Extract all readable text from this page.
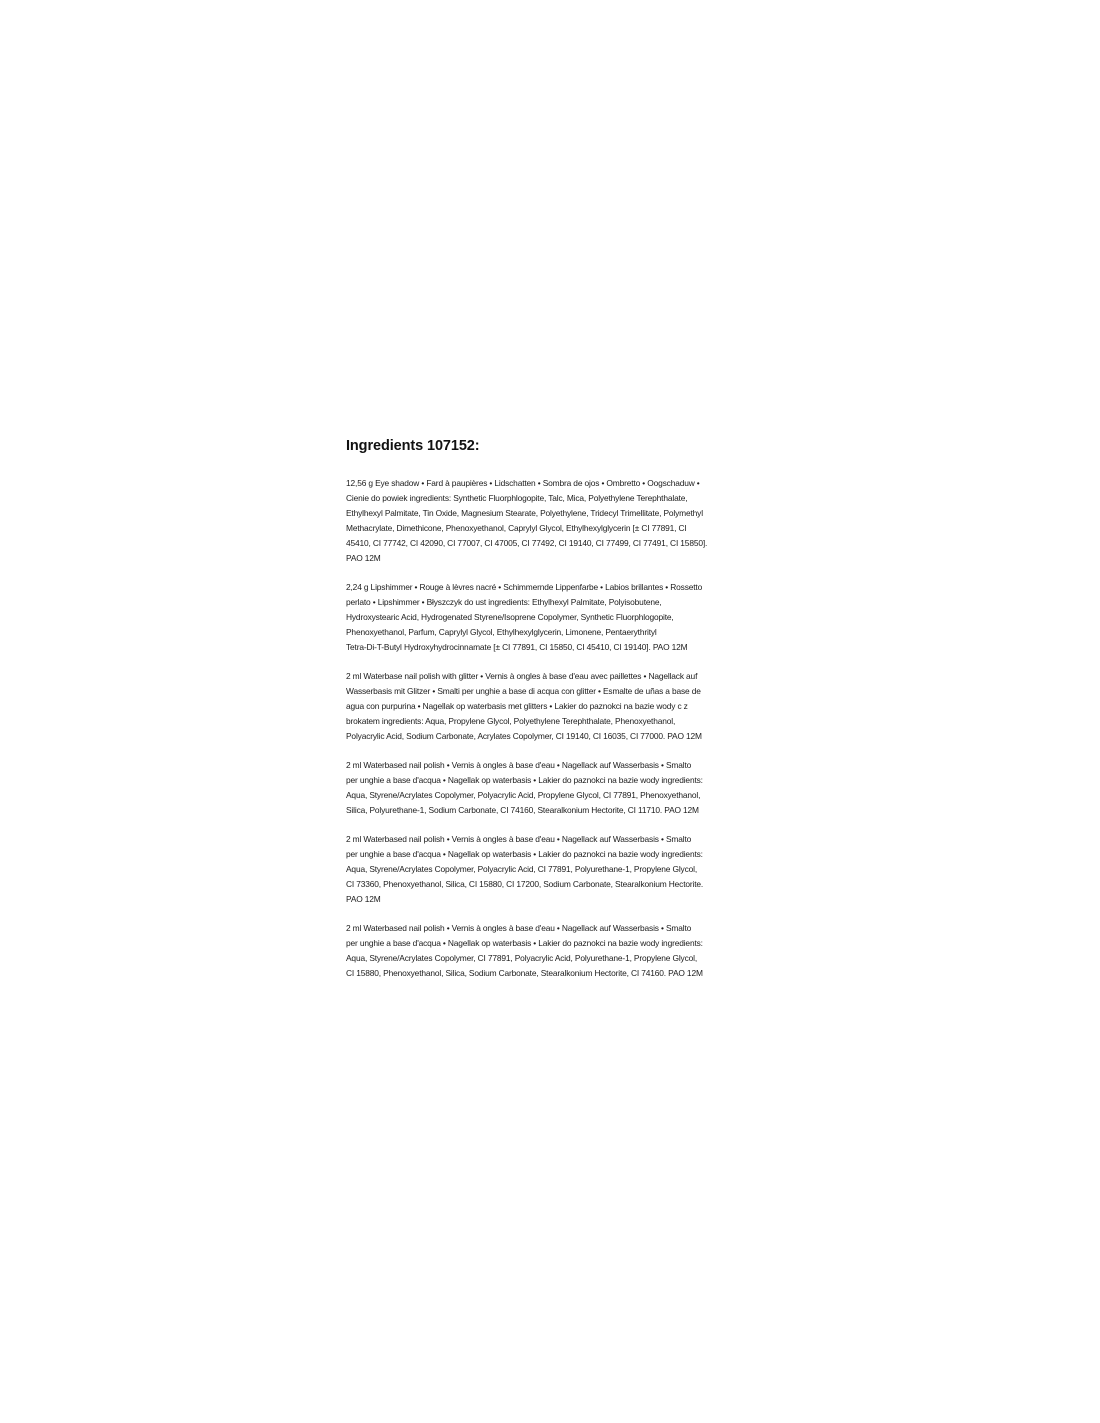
Ingredients 107152:
12,56 g Eye shadow • Fard à paupières • Lidschatten • Sombra de ojos • Ombretto • Oogschaduw •
Cienie do powiek ingredients: Synthetic Fluorphlogopite, Talc, Mica, Polyethylene Terephthalate,
Ethylhexyl Palmitate, Tin Oxide, Magnesium Stearate, Polyethylene, Tridecyl Trimellitate, Polymethyl
Methacrylate, Dimethicone, Phenoxyethanol, Caprylyl Glycol, Ethylhexylglycerin [± CI 77891, CI
45410, CI 77742, CI 42090, CI 77007, CI 47005, CI 77492, CI 19140, CI 77499, CI 77491, CI 15850].
PAO 12M
2,24 g Lipshimmer • Rouge à lèvres nacré • Schimmernde Lippenfarbe • Labios brillantes • Rossetto
perlato • Lipshimmer • Błyszczyk do ust ingredients: Ethylhexyl Palmitate, Polyisobutene,
Hydroxystearic Acid, Hydrogenated Styrene/Isoprene Copolymer, Synthetic Fluorphlogopite,
Phenoxyethanol, Parfum, Caprylyl Glycol, Ethylhexylglycerin, Limonene, Pentaerythrityl
Tetra-Di-T-Butyl Hydroxyhydrocinnamate [± CI 77891, CI 15850, CI 45410, CI 19140]. PAO 12M
2 ml Waterbase nail polish with glitter • Vernis à ongles à base d'eau avec paillettes • Nagellack auf
Wasserbasis mit Glitzer • Smalti per unghie a base di acqua con glitter • Esmalte de uñas a base de
agua con purpurina • Nagellak op waterbasis met glitters • Lakier do paznokci na bazie wody c z
brokatem ingredients: Aqua, Propylene Glycol, Polyethylene Terephthalate, Phenoxyethanol,
Polyacrylic Acid, Sodium Carbonate, Acrylates Copolymer, CI 19140, CI 16035, CI 77000. PAO 12M
2 ml Waterbased nail polish • Vernis à ongles à base d'eau • Nagellack auf Wasserbasis • Smalto
per unghie a base d'acqua • Nagellak op waterbasis • Lakier do paznokci na bazie wody ingredients:
Aqua, Styrene/Acrylates Copolymer, Polyacrylic Acid, Propylene Glycol, CI 77891, Phenoxyethanol,
Silica, Polyurethane-1, Sodium Carbonate, CI 74160, Stearalkonium Hectorite, CI 11710. PAO 12M
2 ml Waterbased nail polish • Vernis à ongles à base d'eau • Nagellack auf Wasserbasis • Smalto
per unghie a base d'acqua • Nagellak op waterbasis • Lakier do paznokci na bazie wody ingredients:
Aqua, Styrene/Acrylates Copolymer, Polyacrylic Acid, CI 77891, Polyurethane-1, Propylene Glycol,
CI 73360, Phenoxyethanol, Silica, CI 15880, CI 17200, Sodium Carbonate, Stearalkonium Hectorite.
PAO 12M
2 ml Waterbased nail polish • Vernis à ongles à base d'eau • Nagellack auf Wasserbasis • Smalto
per unghie a base d'acqua • Nagellak op waterbasis • Lakier do paznokci na bazie wody ingredients:
Aqua, Styrene/Acrylates Copolymer, CI 77891, Polyacrylic Acid, Polyurethane-1, Propylene Glycol,
CI 15880, Phenoxyethanol, Silica, Sodium Carbonate, Stearalkonium Hectorite, CI 74160. PAO 12M
